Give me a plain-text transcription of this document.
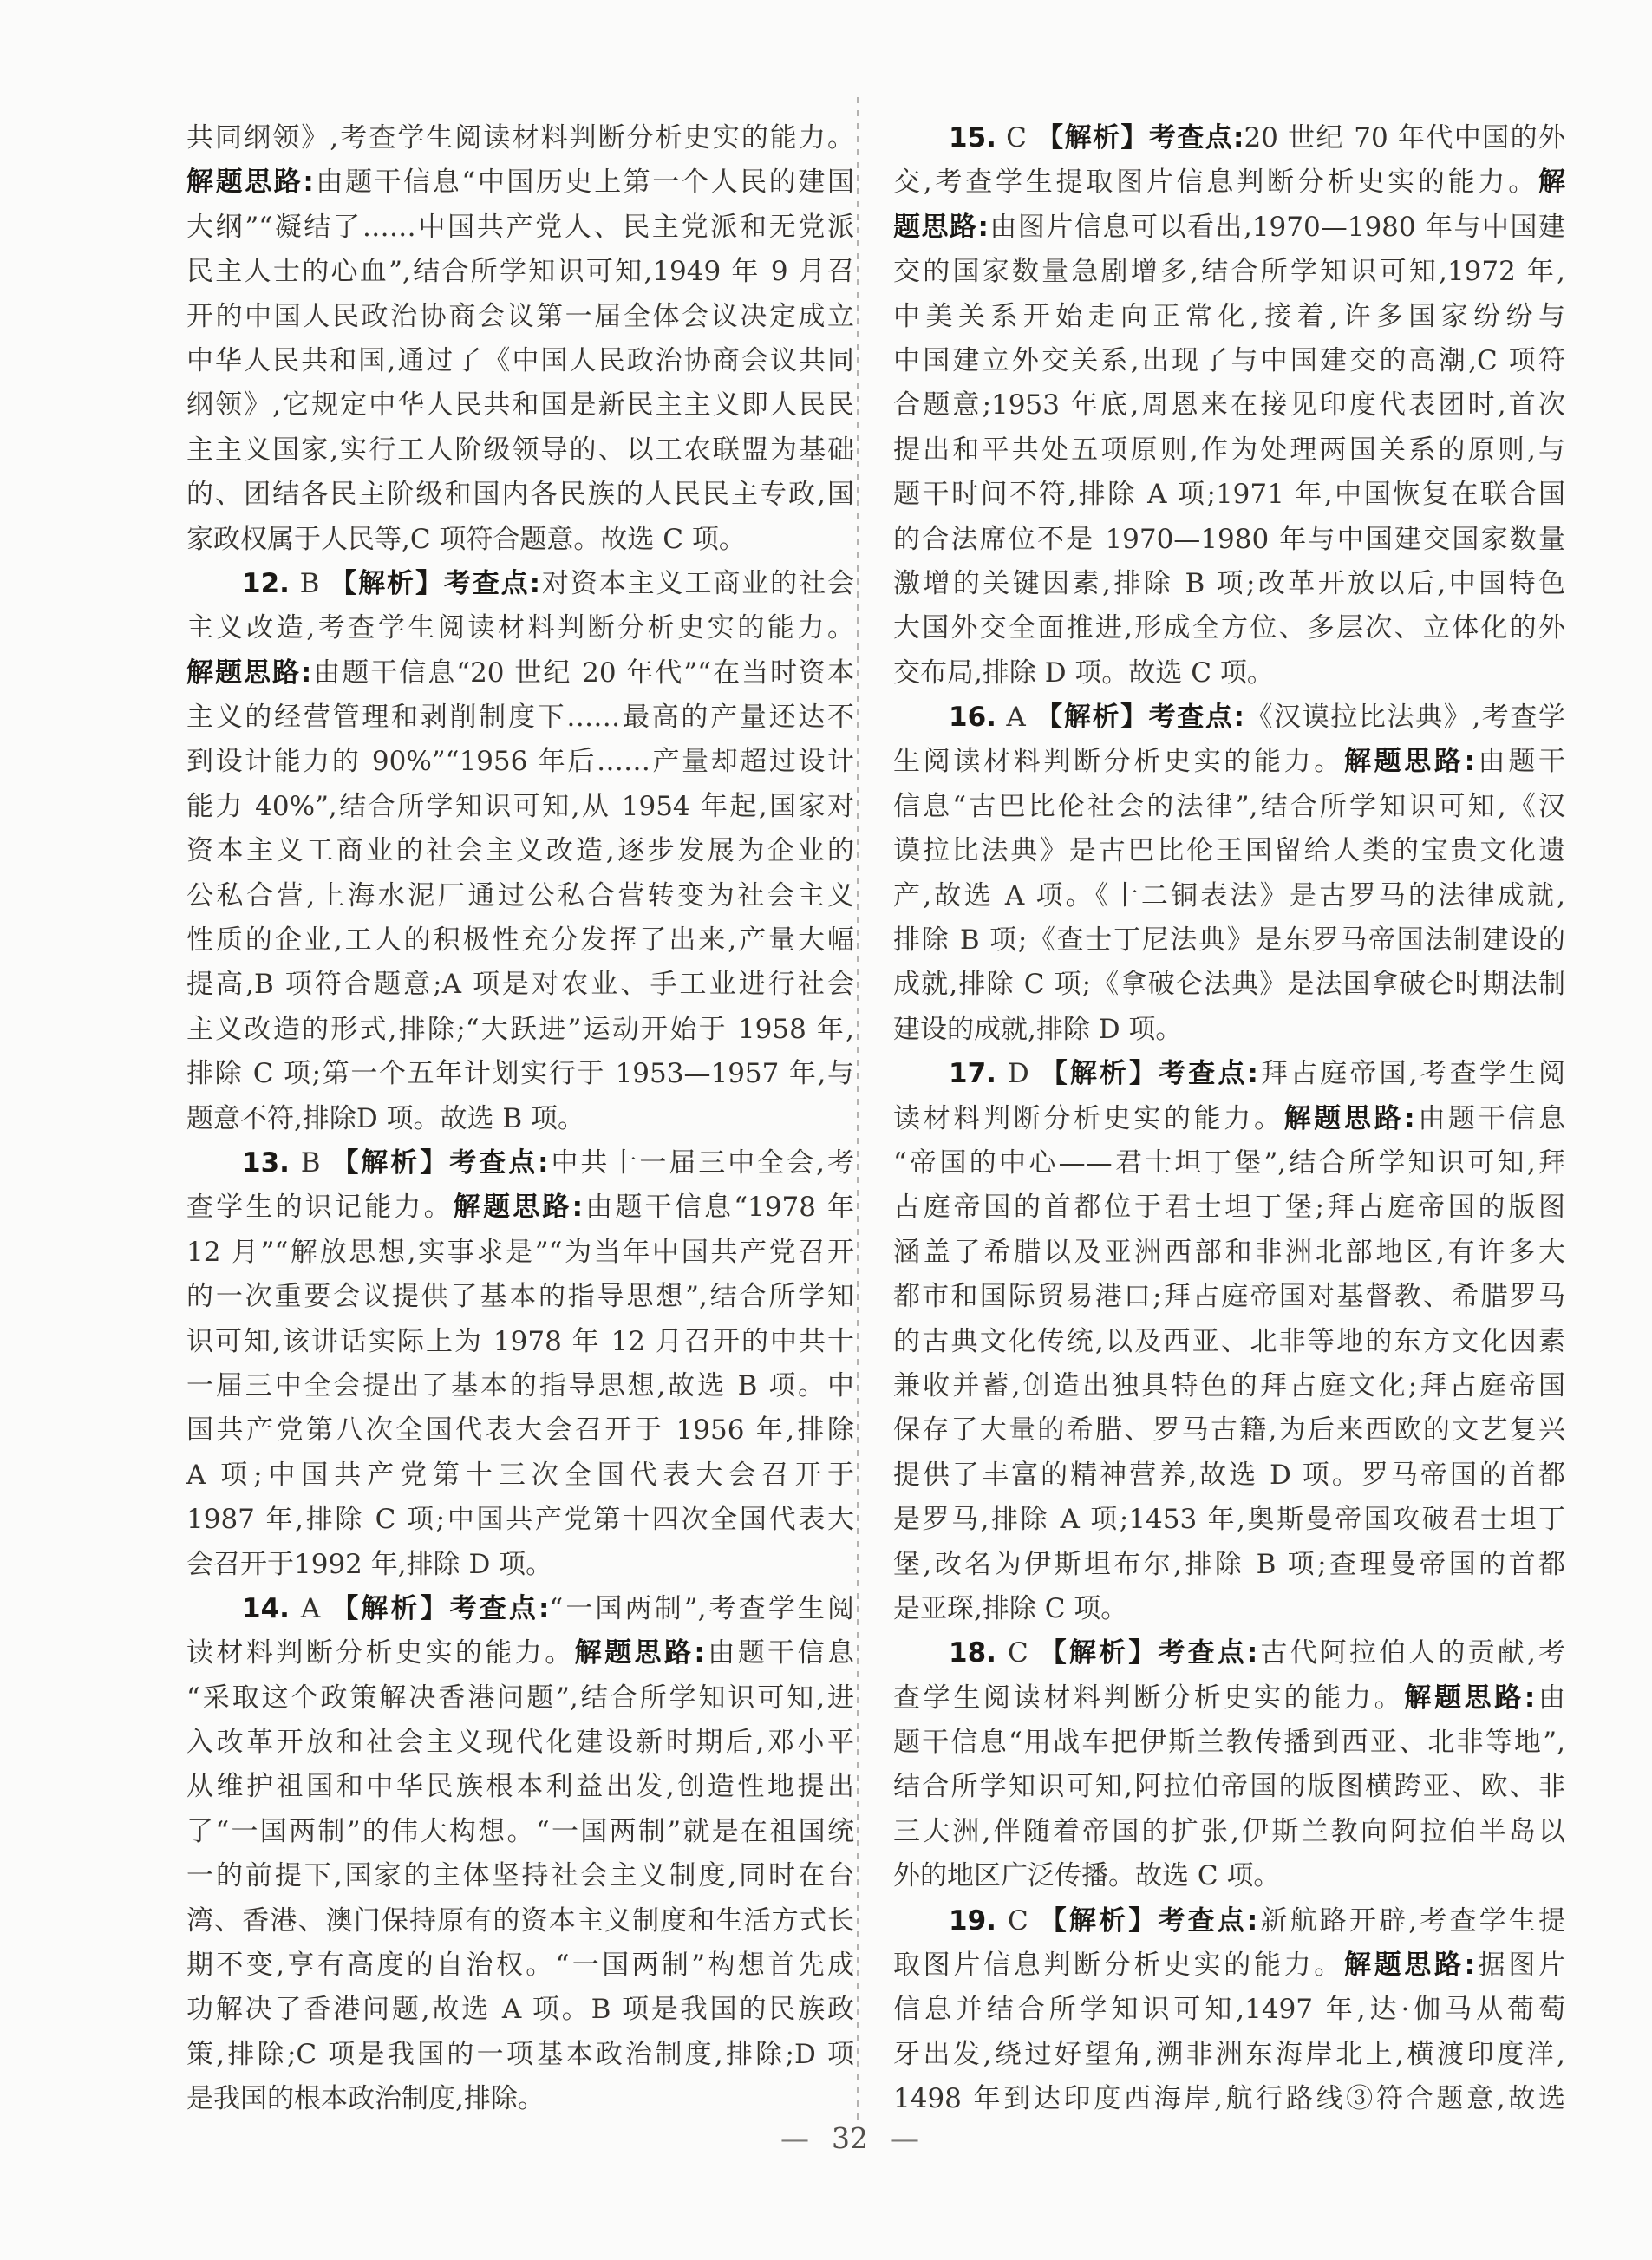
共同纲领》,考查学生阅读材料判断分析史实的能力。

解题思路:由题干信息“中国历史上第一个人民的建国

大纲”“凝结了……中国共产党人、民主党派和无党派

民主人士的心血”,结合所学知识可知,1949 年 9 月召

开的中国人民政治协商会议第一届全体会议决定成立

中华人民共和国,通过了《中国人民政治协商会议共同

纲领》,它规定中华人民共和国是新民主主义即人民民

主主义国家,实行工人阶级领导的、以工农联盟为基础

的、团结各民主阶级和国内各民族的人民民主专政,国

家政权属于人民等,C 项符合题意。故选 C 项。

12. B 【解析】考查点:对资本主义工商业的社会

主义改造,考查学生阅读材料判断分析史实的能力。

解题思路:由题干信息“20 世纪 20 年代”“在当时资本

主义的经营管理和剥削制度下……最高的产量还达不

到设计能力的 90%”“1956 年后……产量却超过设计

能力 40%”,结合所学知识可知,从 1954 年起,国家对

资本主义工商业的社会主义改造,逐步发展为企业的

公私合营,上海水泥厂通过公私合营转变为社会主义

性质的企业,工人的积极性充分发挥了出来,产量大幅

提高,B 项符合题意;A 项是对农业、手工业进行社会

主义改造的形式,排除;“大跃进”运动开始于 1958 年,

排除 C 项;第一个五年计划实行于 1953—1957 年,与

题意不符,排除D 项。故选 B 项。

13. B 【解析】考查点:中共十一届三中全会,考

查学生的识记能力。解题思路:由题干信息“1978 年

12 月”“解放思想,实事求是”“为当年中国共产党召开

的一次重要会议提供了基本的指导思想”,结合所学知

识可知,该讲话实际上为 1978 年 12 月召开的中共十

一届三中全会提出了基本的指导思想,故选 B 项。中

国共产党第八次全国代表大会召开于 1956 年,排除

A 项;中国共产党第十三次全国代表大会召开于

1987 年,排除 C 项;中国共产党第十四次全国代表大

会召开于1992 年,排除 D 项。

14. A 【解析】考查点:“一国两制”,考查学生阅

读材料判断分析史实的能力。解题思路:由题干信息

“采取这个政策解决香港问题”,结合所学知识可知,进

入改革开放和社会主义现代化建设新时期后,邓小平

从维护祖国和中华民族根本利益出发,创造性地提出

了“一国两制”的伟大构想。“一国两制”就是在祖国统

一的前提下,国家的主体坚持社会主义制度,同时在台

湾、香港、澳门保持原有的资本主义制度和生活方式长

期不变,享有高度的自治权。“一国两制”构想首先成

功解决了香港问题,故选 A 项。B 项是我国的民族政

策,排除;C 项是我国的一项基本政治制度,排除;D 项

是我国的根本政治制度,排除。

15. C 【解析】考查点:20 世纪 70 年代中国的外

交,考查学生提取图片信息判断分析史实的能力。解

题思路:由图片信息可以看出,1970—1980 年与中国建

交的国家数量急剧增多,结合所学知识可知,1972 年,

中美关系开始走向正常化,接着,许多国家纷纷与

中国建立外交关系,出现了与中国建交的高潮,C 项符

合题意;1953 年底,周恩来在接见印度代表团时,首次

提出和平共处五项原则,作为处理两国关系的原则,与

题干时间不符,排除 A 项;1971 年,中国恢复在联合国

的合法席位不是 1970—1980 年与中国建交国家数量

激增的关键因素,排除 B 项;改革开放以后,中国特色

大国外交全面推进,形成全方位、多层次、立体化的外

交布局,排除 D 项。故选 C 项。

16. A 【解析】考查点:《汉谟拉比法典》,考查学

生阅读材料判断分析史实的能力。解题思路:由题干

信息“古巴比伦社会的法律”,结合所学知识可知,《汉

谟拉比法典》是古巴比伦王国留给人类的宝贵文化遗

产,故选 A 项。《十二铜表法》是古罗马的法律成就,

排除 B 项;《查士丁尼法典》是东罗马帝国法制建设的

成就,排除 C 项;《拿破仑法典》是法国拿破仑时期法制

建设的成就,排除 D 项。

17. D 【解析】考查点:拜占庭帝国,考查学生阅

读材料判断分析史实的能力。解题思路:由题干信息

“帝国的中心——君士坦丁堡”,结合所学知识可知,拜

占庭帝国的首都位于君士坦丁堡;拜占庭帝国的版图

涵盖了希腊以及亚洲西部和非洲北部地区,有许多大

都市和国际贸易港口;拜占庭帝国对基督教、希腊罗马

的古典文化传统,以及西亚、北非等地的东方文化因素

兼收并蓄,创造出独具特色的拜占庭文化;拜占庭帝国

保存了大量的希腊、罗马古籍,为后来西欧的文艺复兴

提供了丰富的精神营养,故选 D 项。罗马帝国的首都

是罗马,排除 A 项;1453 年,奥斯曼帝国攻破君士坦丁

堡,改名为伊斯坦布尔,排除 B 项;查理曼帝国的首都

是亚琛,排除 C 项。

18. C 【解析】考查点:古代阿拉伯人的贡献,考

查学生阅读材料判断分析史实的能力。解题思路:由

题干信息“用战车把伊斯兰教传播到西亚、北非等地”,

结合所学知识可知,阿拉伯帝国的版图横跨亚、欧、非

三大洲,伴随着帝国的扩张,伊斯兰教向阿拉伯半岛以

外的地区广泛传播。故选 C 项。

19. C 【解析】考查点:新航路开辟,考查学生提

取图片信息判断分析史实的能力。解题思路:据图片

信息并结合所学知识可知,1497 年,达·伽马从葡萄

牙出发,绕过好望角,溯非洲东海岸北上,横渡印度洋,

1498 年到达印度西海岸,航行路线③符合题意,故选

— 32 —
